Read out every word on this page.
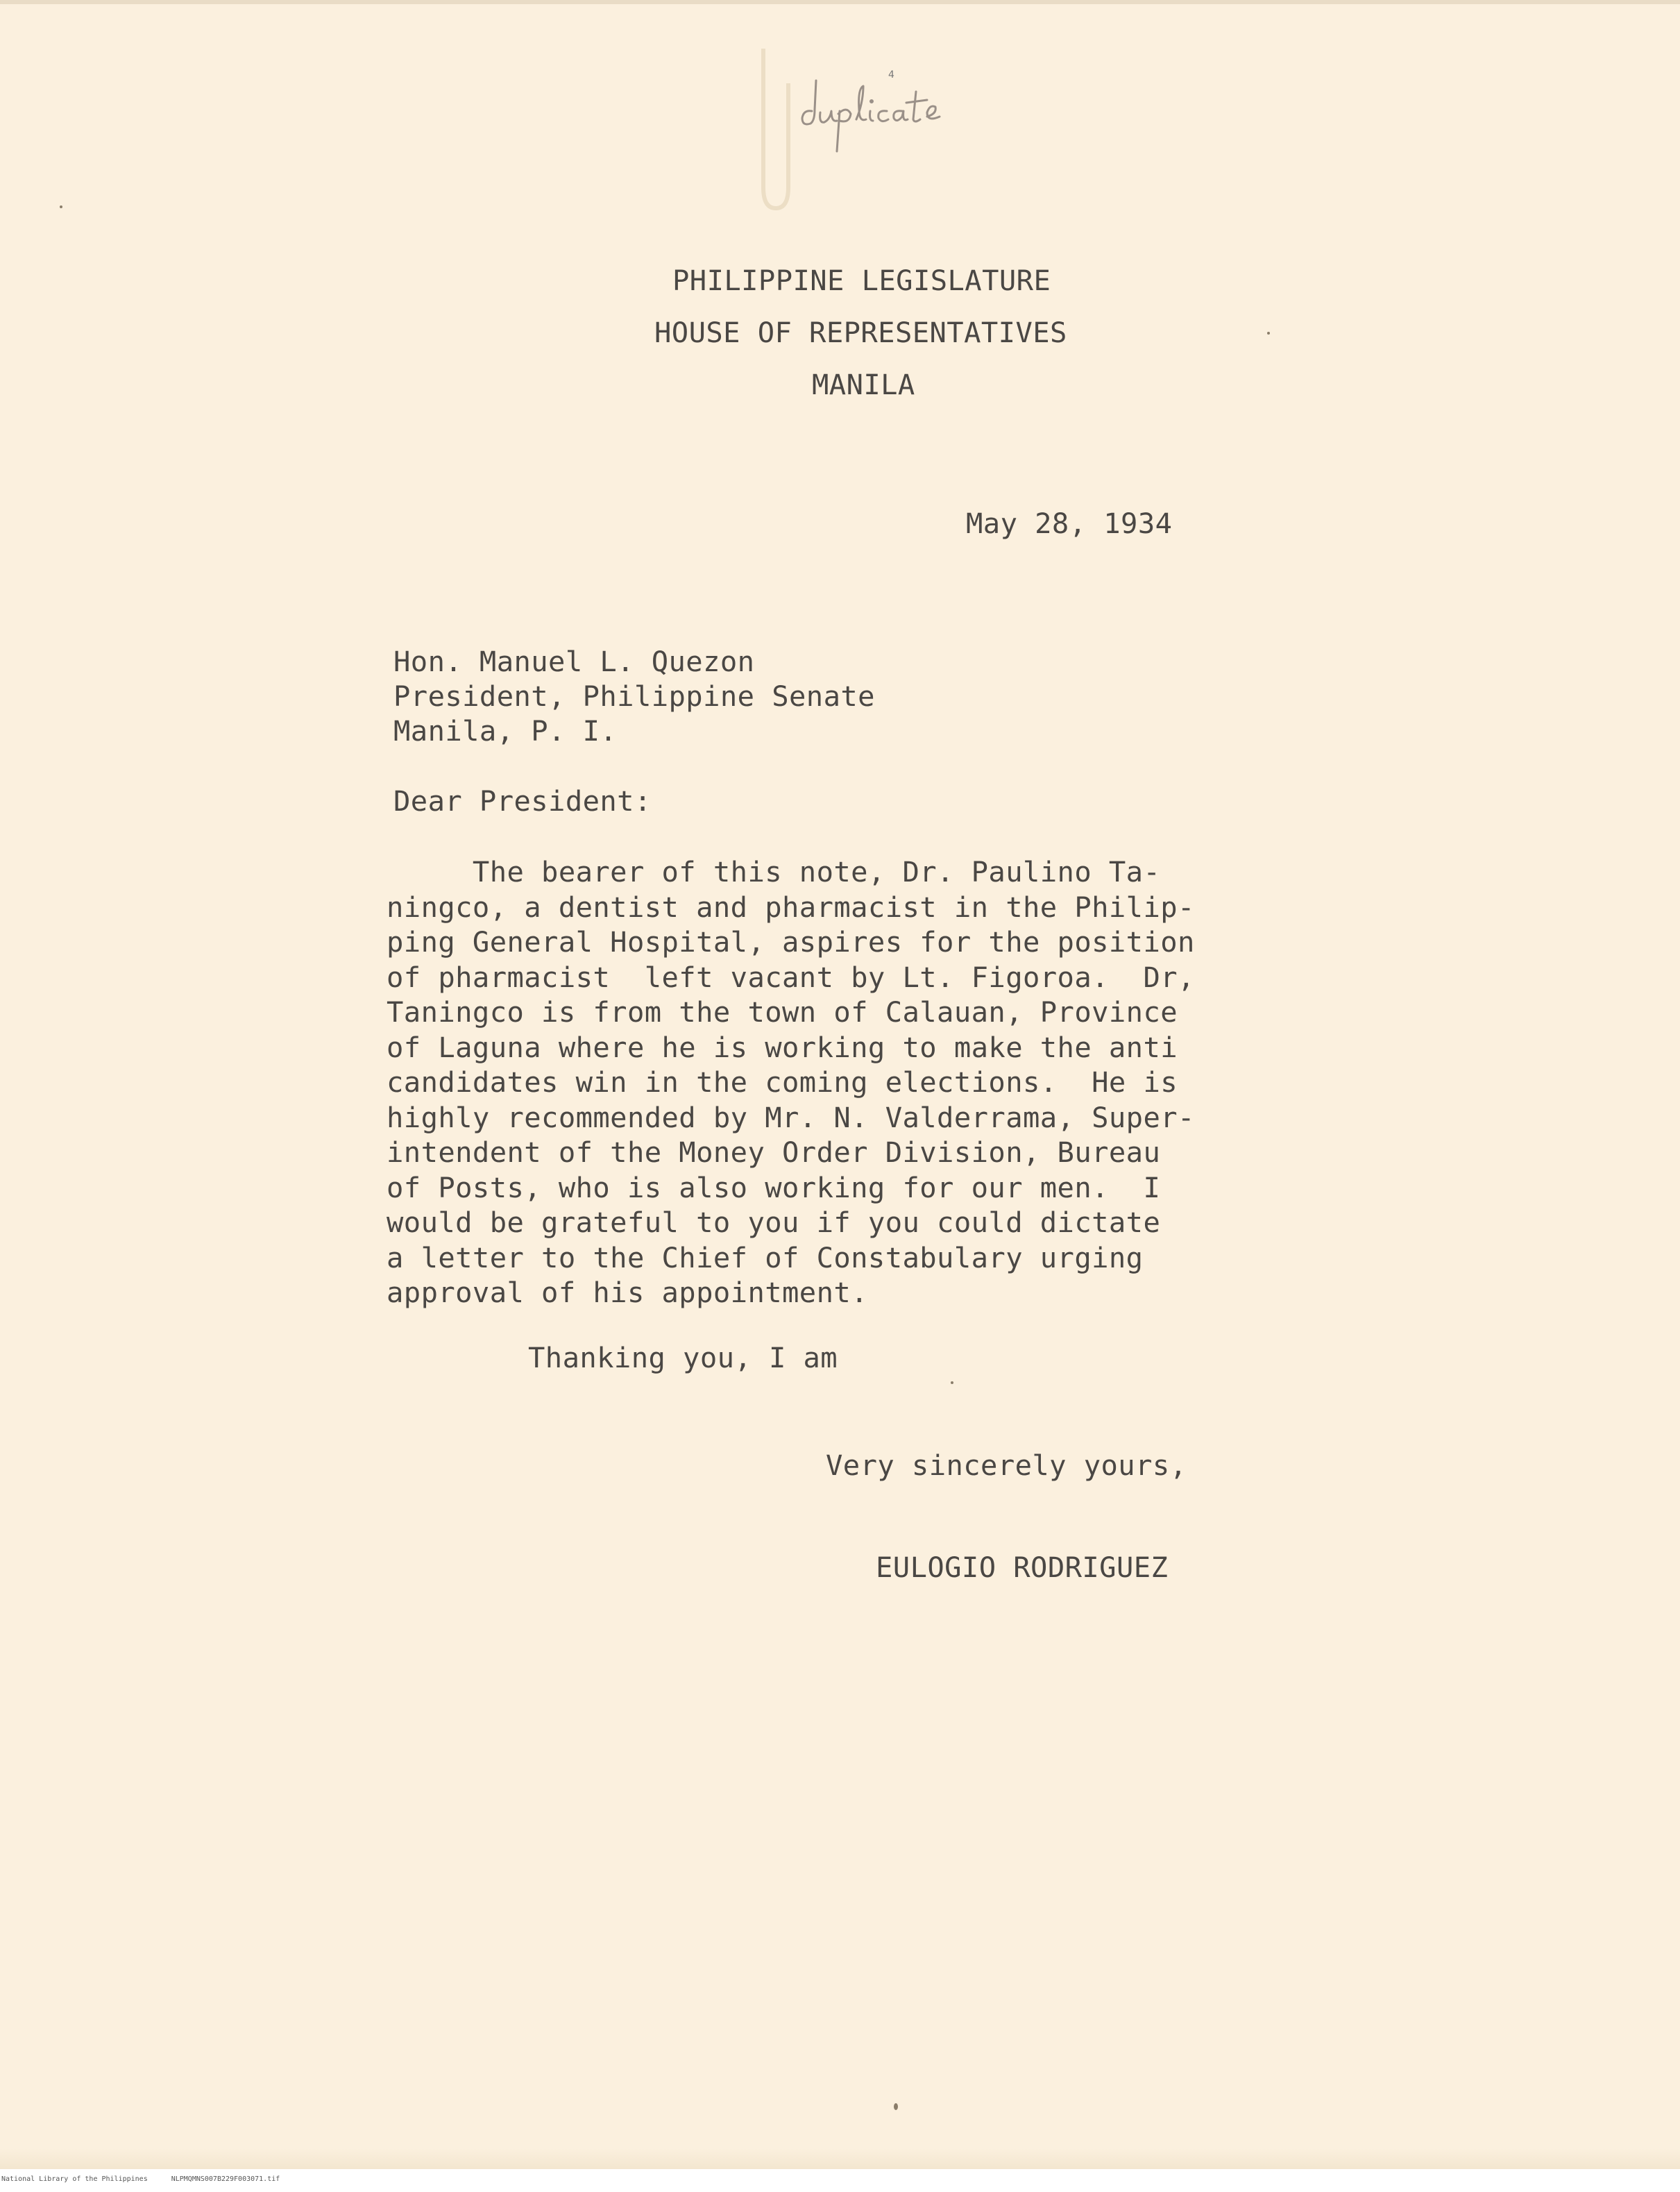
4

PHILIPPINE LEGISLATURE

HOUSE OF REPRESENTATIVES

MANILA

May 28, 1934

Hon. Manuel L. Quezon

President, Philippine Senate

Manila, P. I.

Dear President:

The bearer of this note, Dr. Paulino Ta-
ningco, a dentist and pharmacist in the Philip-
ping General Hospital, aspires for the position
of pharmacist  left vacant by Lt. Figoroa.  Dr,
Taningco is from the town of Calauan, Province
of Laguna where he is working to make the anti
candidates win in the coming elections.  He is
highly recommended by Mr. N. Valderrama, Super-
intendent of the Money Order Division, Bureau
of Posts, who is also working for our men.  I
would be grateful to you if you could dictate
a letter to the Chief of Constabulary urging
approval of his appointment.

Thanking you, I am

Very sincerely yours,

EULOGIO RODRIGUEZ

National Library of the Philippines	NLPMQMNS007B229F003071.tif
